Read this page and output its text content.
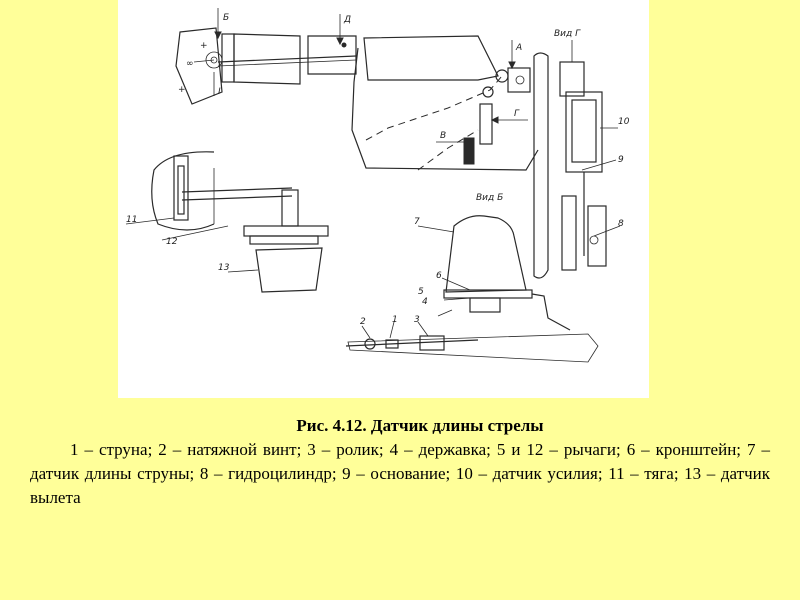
+
+
∞
Б	Д
I
А
В
Г
Вид Г
10
9
8
11
12
13
Вид Б
7
6
5
4
3
1
2
Рис. 4.12. Датчик длины стрелы
1 – струна; 2 – натяжной винт; 3 – ролик; 4 – державка; 5 и 12 – рычаги; 6 – кронштейн; 7 – датчик длины струны; 8 – гидроцилиндр; 9 – основание; 10 – датчик усилия; 11 – тяга; 13 – датчик вылета
